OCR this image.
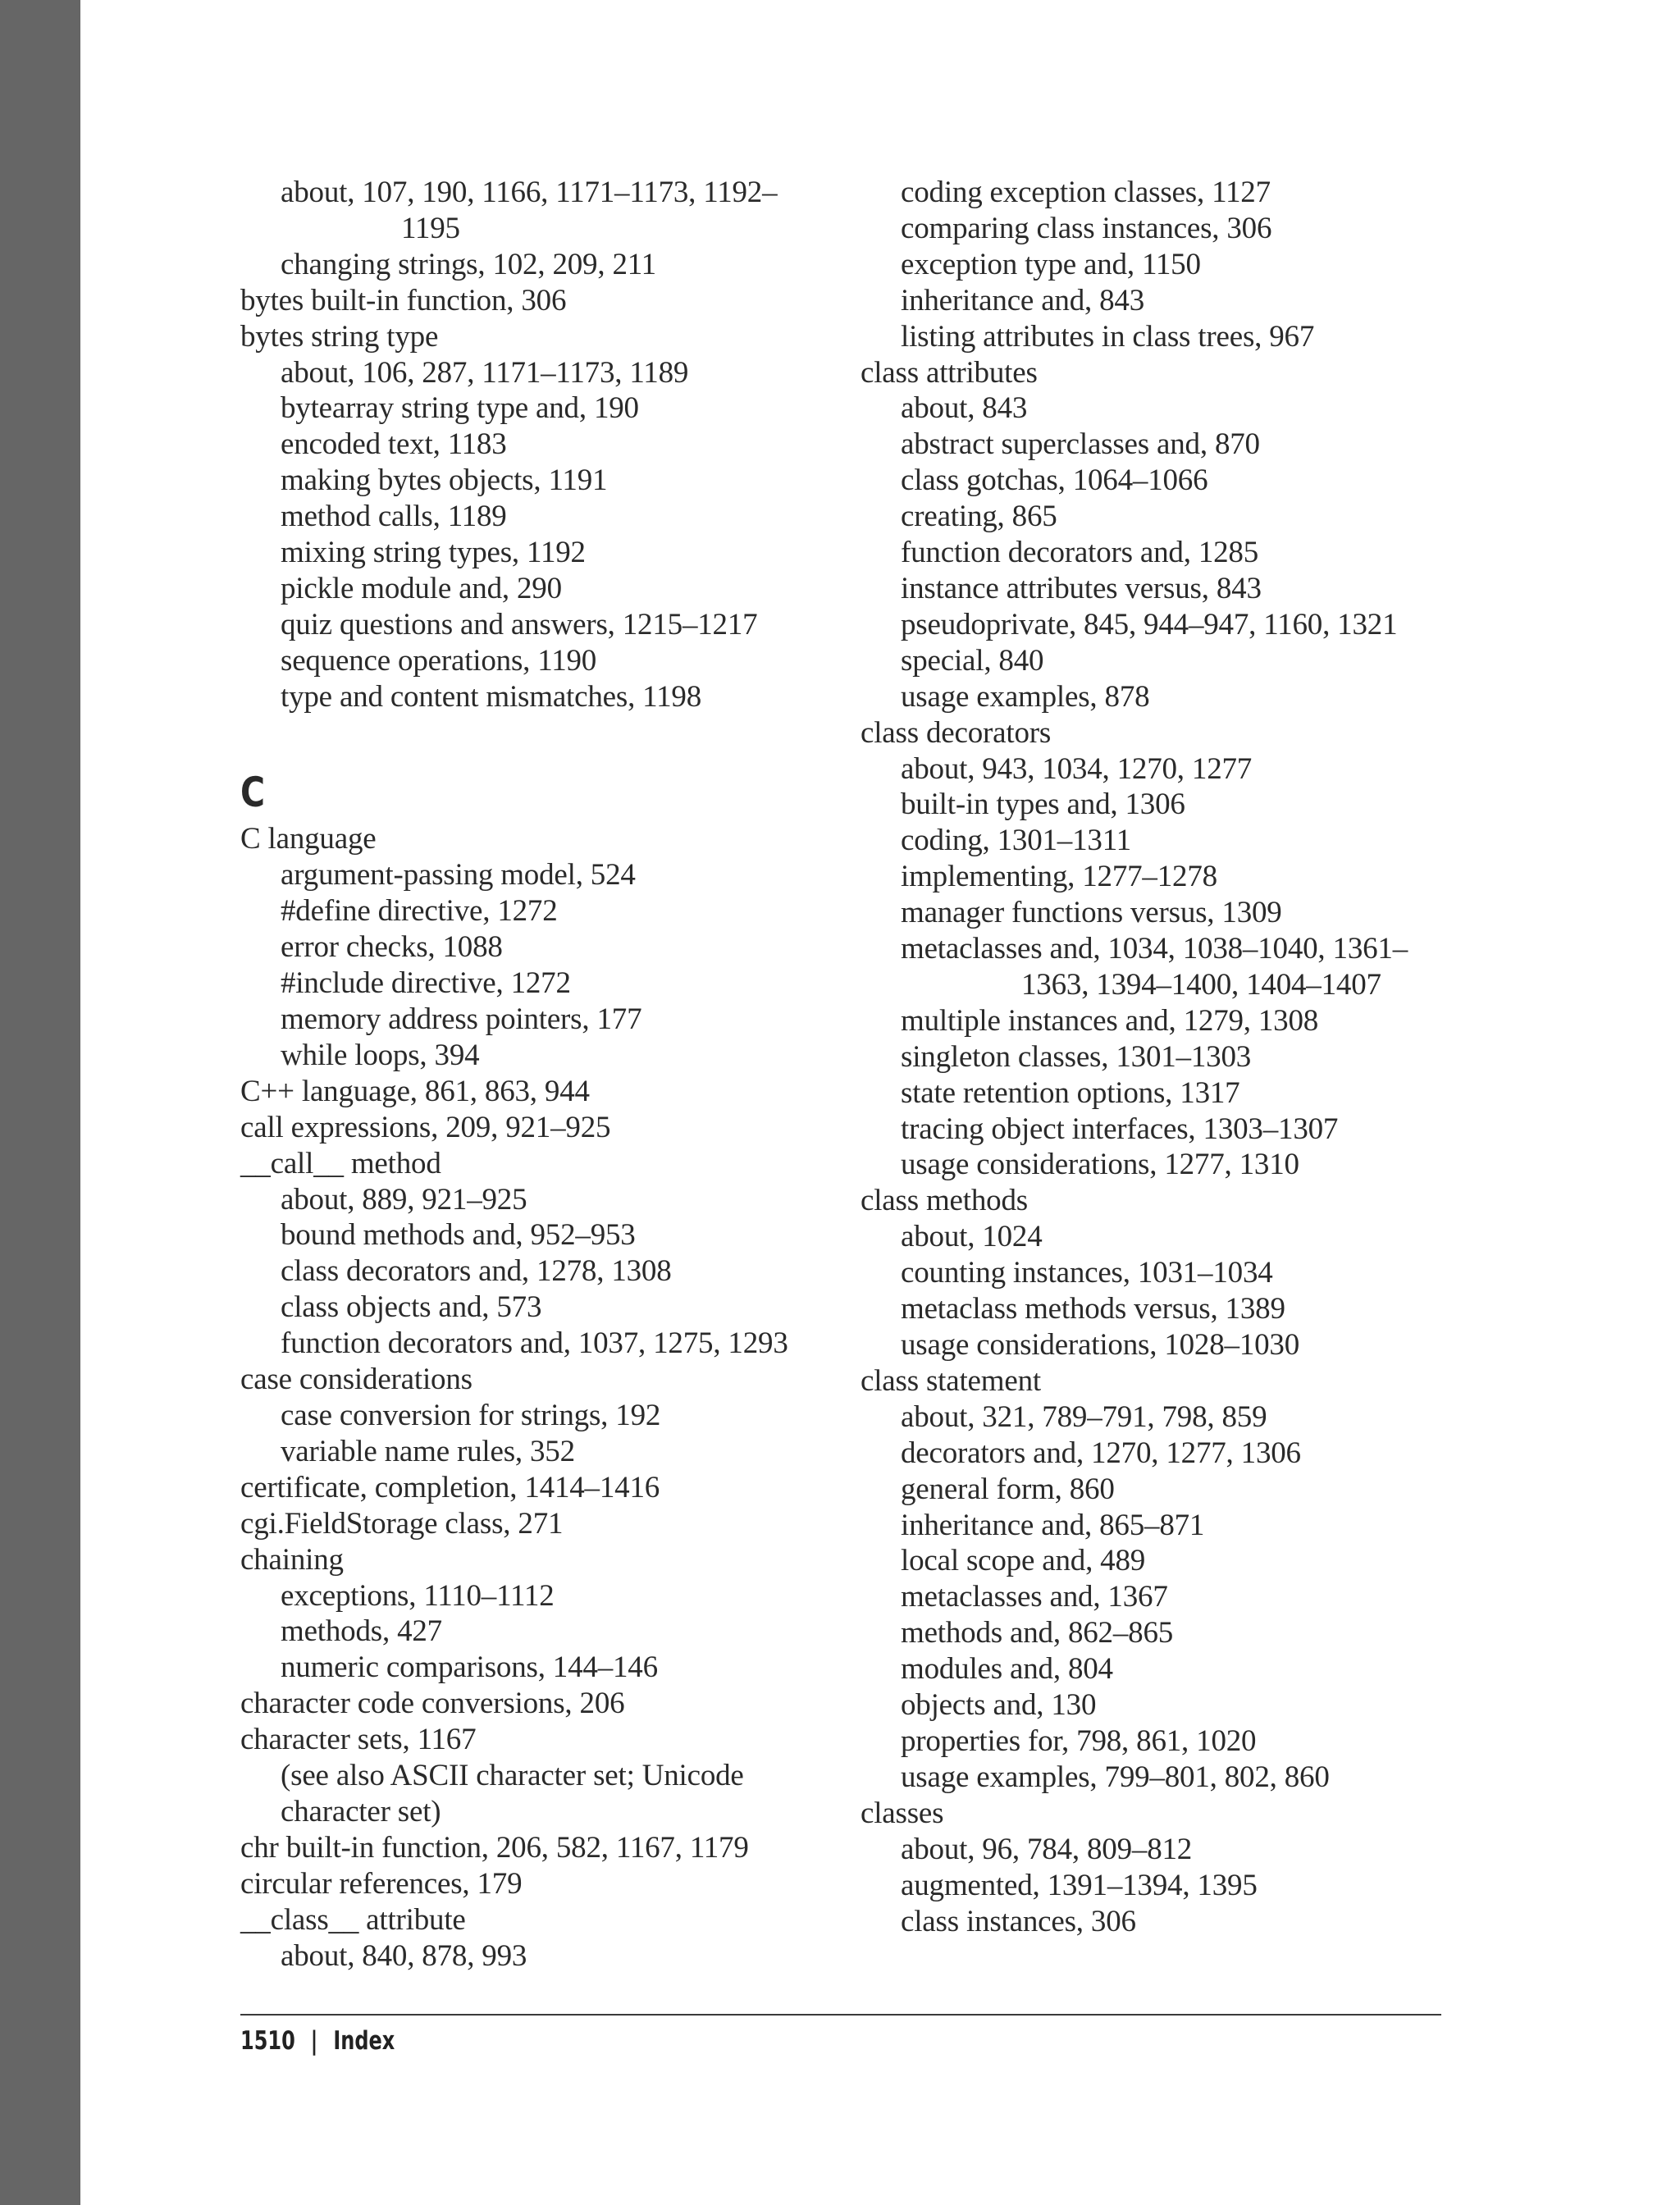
about, 107, 190, 1166, 1171–1173, 1192–
1195
changing strings, 102, 209, 211
bytes built-in function, 306
bytes string type
about, 106, 287, 1171–1173, 1189
bytearray string type and, 190
encoded text, 1183
making bytes objects, 1191
method calls, 1189
mixing string types, 1192
pickle module and, 290
quiz questions and answers, 1215–1217
sequence operations, 1190
type and content mismatches, 1198
C
C language
argument-passing model, 524
#define directive, 1272
error checks, 1088
#include directive, 1272
memory address pointers, 177
while loops, 394
C++ language, 861, 863, 944
call expressions, 209, 921–925
__call__ method
about, 889, 921–925
bound methods and, 952–953
class decorators and, 1278, 1308
class objects and, 573
function decorators and, 1037, 1275, 1293
case considerations
case conversion for strings, 192
variable name rules, 352
certificate, completion, 1414–1416
cgi.FieldStorage class, 271
chaining
exceptions, 1110–1112
methods, 427
numeric comparisons, 144–146
character code conversions, 206
character sets, 1167
(see also ASCII character set; Unicode
character set)
chr built-in function, 206, 582, 1167, 1179
circular references, 179
__class__ attribute
about, 840, 878, 993
coding exception classes, 1127
comparing class instances, 306
exception type and, 1150
inheritance and, 843
listing attributes in class trees, 967
class attributes
about, 843
abstract superclasses and, 870
class gotchas, 1064–1066
creating, 865
function decorators and, 1285
instance attributes versus, 843
pseudoprivate, 845, 944–947, 1160, 1321
special, 840
usage examples, 878
class decorators
about, 943, 1034, 1270, 1277
built-in types and, 1306
coding, 1301–1311
implementing, 1277–1278
manager functions versus, 1309
metaclasses and, 1034, 1038–1040, 1361–
1363, 1394–1400, 1404–1407
multiple instances and, 1279, 1308
singleton classes, 1301–1303
state retention options, 1317
tracing object interfaces, 1303–1307
usage considerations, 1277, 1310
class methods
about, 1024
counting instances, 1031–1034
metaclass methods versus, 1389
usage considerations, 1028–1030
class statement
about, 321, 789–791, 798, 859
decorators and, 1270, 1277, 1306
general form, 860
inheritance and, 865–871
local scope and, 489
metaclasses and, 1367
methods and, 862–865
modules and, 804
objects and, 130
properties for, 798, 861, 1020
usage examples, 799–801, 802, 860
classes
about, 96, 784, 809–812
augmented, 1391–1394, 1395
class instances, 306
1510 | Index
